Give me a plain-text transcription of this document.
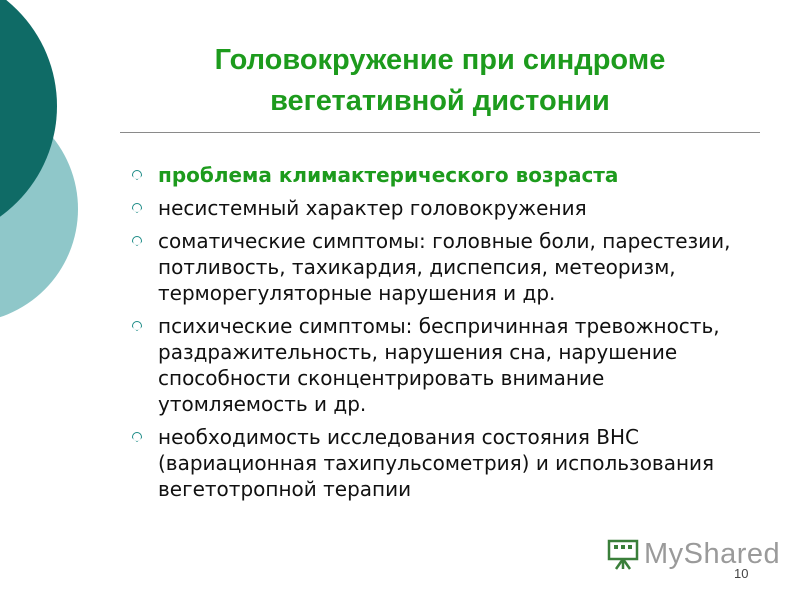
Головокружение при синдроме вегетативной дистонии
проблема климактерического возраста
несистемный характер головокружения
соматические симптомы: головные боли, парестезии, потливость, тахикардия, диспепсия, метеоризм, терморегуляторные нарушения и др.
психические симптомы: беспричинная тревожность, раздражительность, нарушения сна, нарушение способности сконцентрировать внимание утомляемость и др.
необходимость исследования состояния ВНС (вариационная тахипульсометрия) и использования вегетотропной терапии
MyShared
10
